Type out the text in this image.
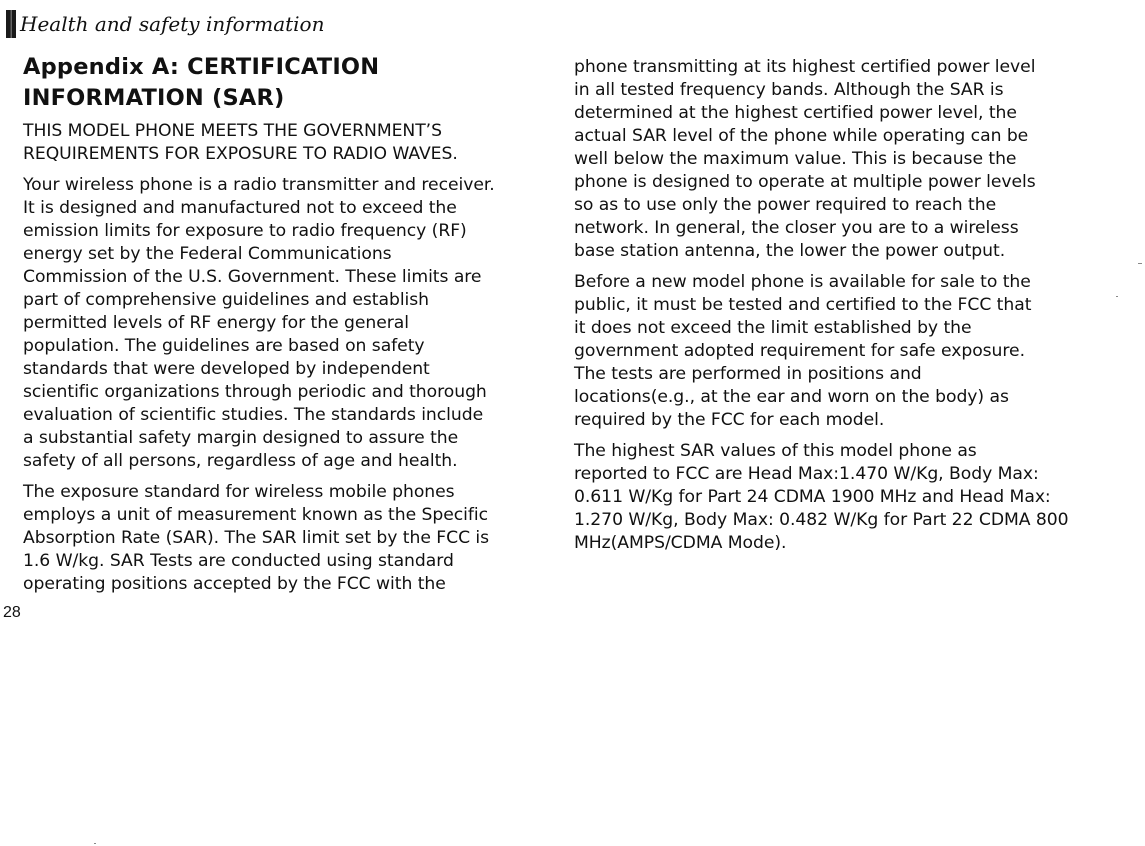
Health and safety information
Appendix A: CERTIFICATION
INFORMATION (SAR)

THIS MODEL PHONE MEETS THE GOVERNMENT’S
REQUIREMENTS FOR EXPOSURE TO RADIO WAVES.

Your wireless phone is a radio transmitter and receiver.
It is designed and manufactured not to exceed the
emission limits for exposure to radio frequency (RF)
energy set by the Federal Communications
Commission of the U.S. Government. These limits are
part of comprehensive guidelines and establish
permitted levels of RF energy for the general
population. The guidelines are based on safety
standards that were developed by independent
scientific organizations through periodic and thorough
evaluation of scientific studies. The standards include
a substantial safety margin designed to assure the
safety of all persons, regardless of age and health.

The exposure standard for wireless mobile phones
employs a unit of measurement known as the Specific
Absorption Rate (SAR). The SAR limit set by the FCC is
1.6 W/kg. SAR Tests are conducted using standard
operating positions accepted by the FCC with the

phone transmitting at its highest certified power level
in all tested frequency bands. Although the SAR is
determined at the highest certified power level, the
actual SAR level of the phone while operating can be
well below the maximum value. This is because the
phone is designed to operate at multiple power levels
so as to use only the power required to reach the
network. In general, the closer you are to a wireless
base station antenna, the lower the power output.

Before a new model phone is available for sale to the
public, it must be tested and certified to the FCC that
it does not exceed the limit established by the
government adopted requirement for safe exposure.
The tests are performed in positions and
locations(e.g., at the ear and worn on the body) as
required by the FCC for each model.

The highest SAR values of this model phone as
reported to FCC are Head Max:1.470 W/Kg, Body Max:
0.611 W/Kg for Part 24 CDMA 1900 MHz and Head Max:
1.270 W/Kg, Body Max: 0.482 W/Kg for Part 22 CDMA 800
MHz(AMPS/CDMA Mode).

28
